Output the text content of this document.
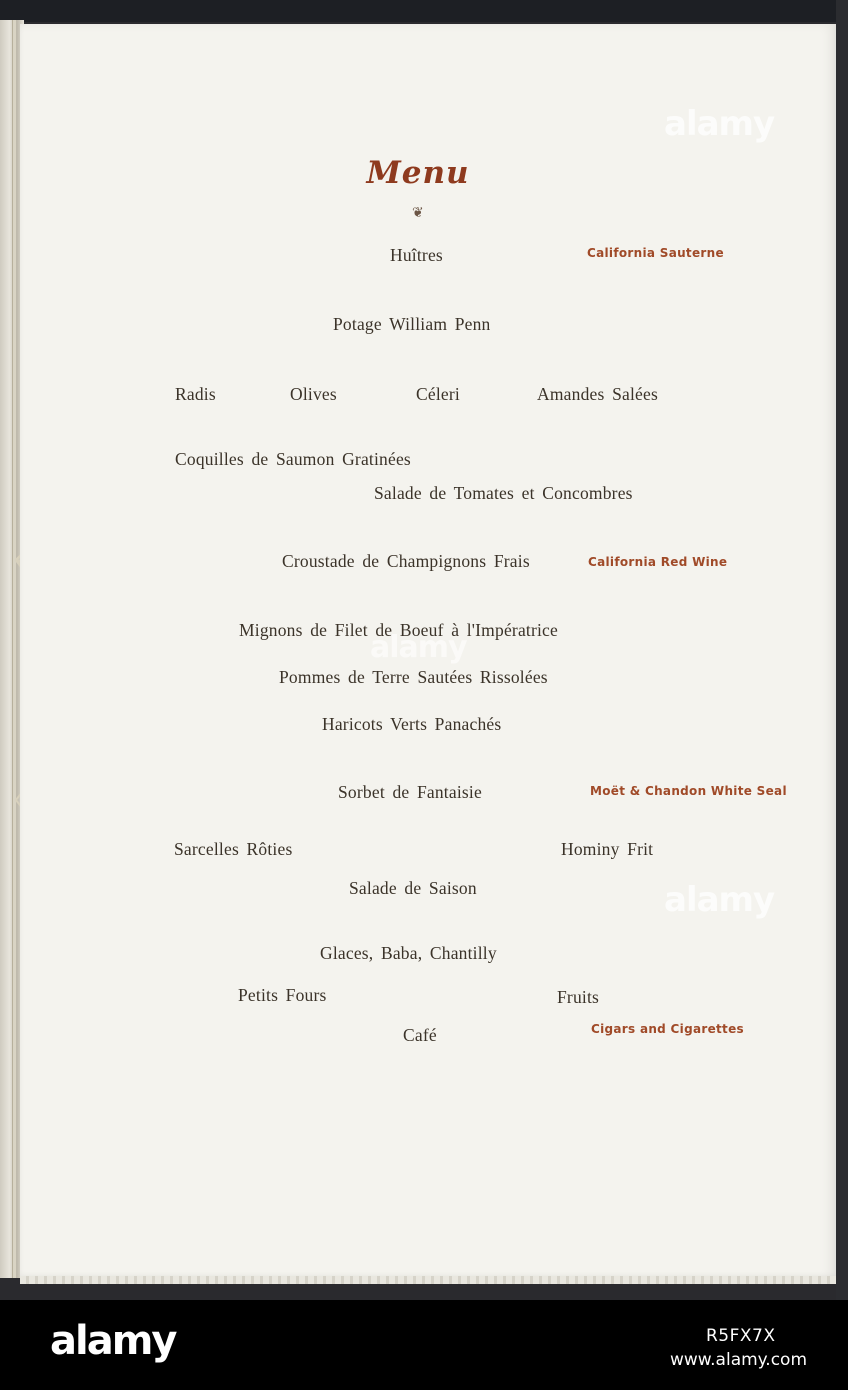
Menu
❦
Huîtres	California Sauterne
Potage William Penn
Radis	Olives	Céleri	Amandes Salées
Coquilles de Saumon Gratinées
Salade de Tomates et Concombres
Croustade de Champignons Frais	California Red Wine
Mignons de Filet de Boeuf à l'Impératrice
Pommes de Terre Sautées Rissolées
Haricots Verts Panachés
Sorbet de Fantaisie	Moët & Chandon White Seal
Sarcelles Rôties	Hominy Frit
Salade de Saison
Glaces, Baba, Chantilly
Petits Fours	Fruits
Café	Cigars and Cigarettes
alamy
alamy
alamy
alamy	R5FX7X
www.alamy.com
